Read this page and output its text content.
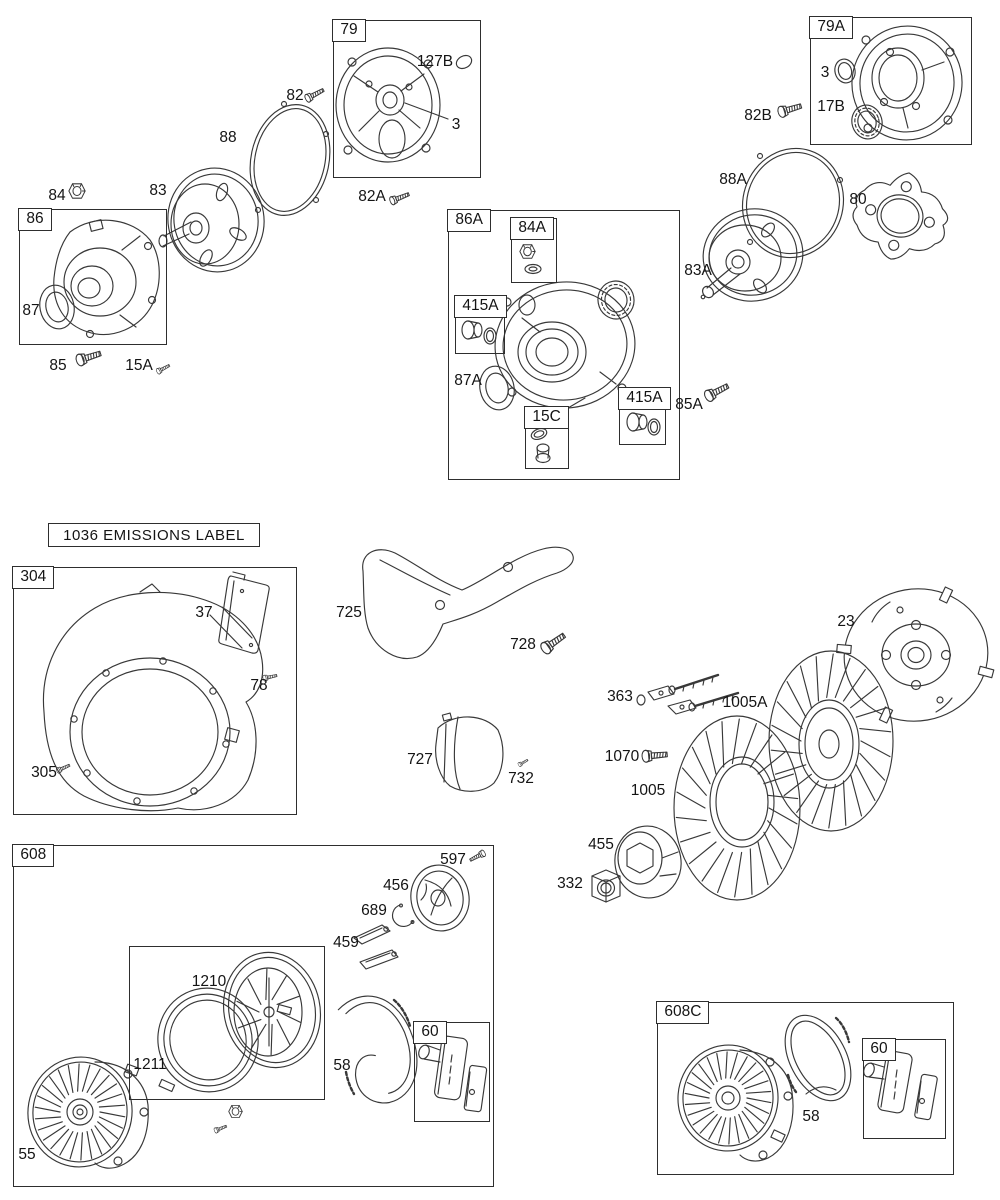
79	79A
86	86A	84A
415A
15C
415A
304
608
60
608C
60
1036 EMISSIONS LABEL
127B
82
88
83
84
87
85	15A
82A
3
3
17B
82B
88A
80
83A
87A
85A
37
78
305
725
728
727
732
23
363	1005A
1070
1005
455
332
597
456
689
459
1210
1211	58
55
58
